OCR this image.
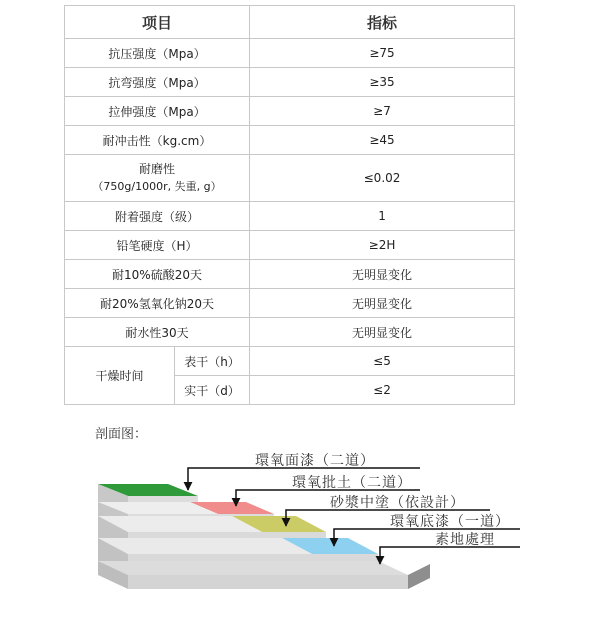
项目		指标
抗压强度（Mpa）		≥75
抗弯强度（Mpa）		≥35
拉伸强度（Mpa）		≥7
耐冲击性（kg.cm）		≥45

耐磨性
（750g/1000r, 失重, g）		≤0.02
附着强度（级）		1
铅笔硬度（H）		≥2H
耐10%硫酸20天		无明显变化
耐20%氢氧化钠20天		无明显变化
耐水性30天		无明显变化
干燥时间	表干（h）	≤5
	实干（d）	≤2
剖面图：
環氧面漆（二道）
環氧批土（二道）
砂漿中塗（依設計）
環氧底漆（一道）
素地處理
